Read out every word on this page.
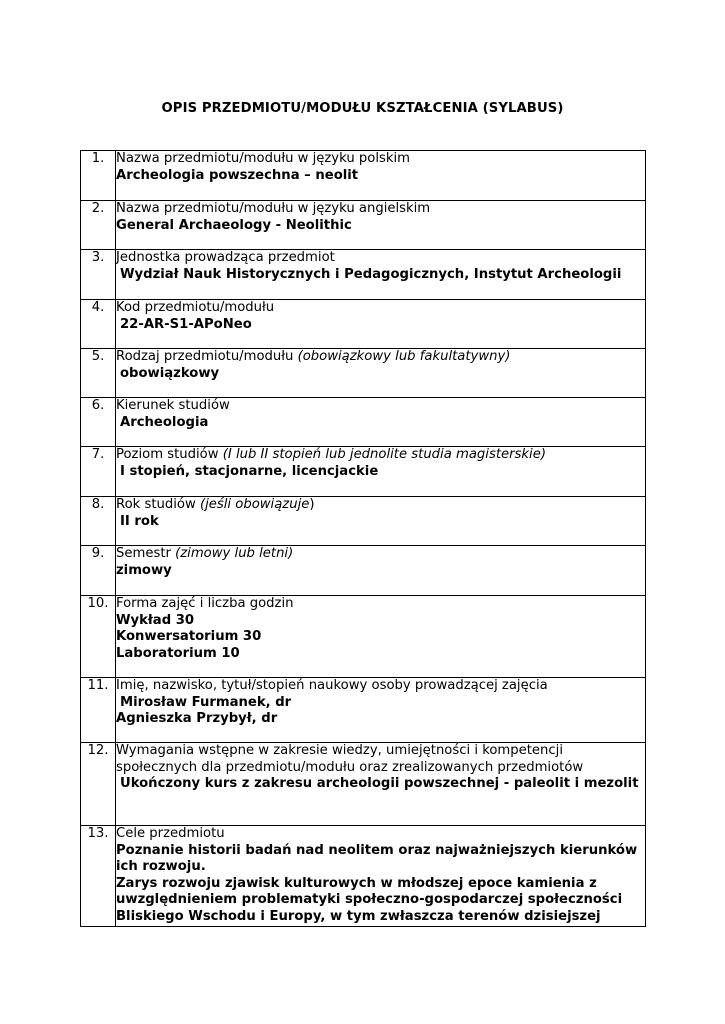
OPIS PRZEDMIOTU/MODUŁU KSZTAŁCENIA (SYLABUS)
1.	Nazwa przedmiotu/modułu w języku polskim
Archeologia powszechna – neolit

2.	Nazwa przedmiotu/modułu w języku angielskim
General Archaeology - Neolithic

3.	Jednostka prowadząca przedmiot
Wydział Nauk Historycznych i Pedagogicznych, Instytut Archeologii

4.	Kod przedmiotu/modułu
22-AR-S1-APoNeo

5.	Rodzaj przedmiotu/modułu (obowiązkowy lub fakultatywny)
obowiązkowy

6.	Kierunek studiów
Archeologia

7.	Poziom studiów (I lub II stopień lub jednolite studia magisterskie)
I stopień, stacjonarne, licencjackie

8.	Rok studiów (jeśli obowiązuje)
II rok

9.	Semestr (zimowy lub letni)
zimowy

10.	Forma zajęć i liczba godzin
Wykład 30
Konwersatorium 30
Laboratorium 10

11.	Imię, nazwisko, tytuł/stopień naukowy osoby prowadzącej zajęcia
Mirosław Furmanek, dr
Agnieszka Przybył, dr

12.	Wymagania wstępne w zakresie wiedzy, umiejętności i kompetencji społecznych dla przedmiotu/modułu oraz zrealizowanych przedmiotów
Ukończony kurs z zakresu archeologii powszechnej - paleolit i mezolit

13.	Cele przedmiotu
Poznanie historii badań nad neolitem oraz najważniejszych kierunków ich rozwoju.
Zarys rozwoju zjawisk kulturowych w młodszej epoce kamienia z uwzględnieniem problematyki społeczno-gospodarczej społeczności Bliskiego Wschodu i Europy, w tym zwłaszcza terenów dzisiejszej
